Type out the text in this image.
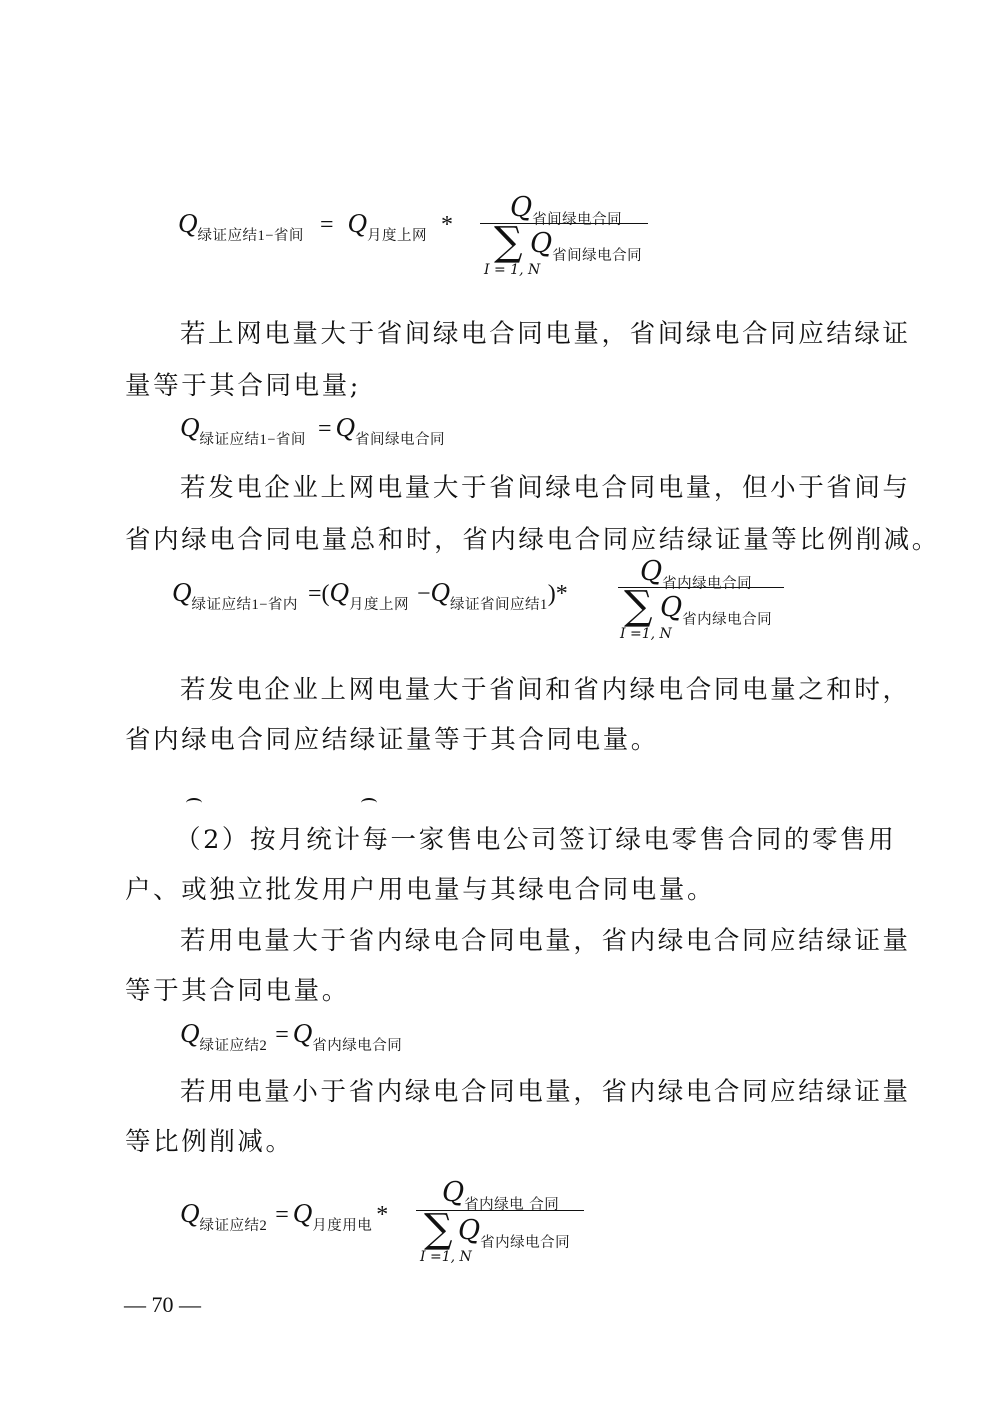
Q绿证应结1−省间 = Q月度上网 *
Q省间绿电合同
∑ Q省间绿电合同
I = 1, N
若上网电量大于省间绿电合同电量，省间绿电合同应结绿证
量等于其合同电量;
Q绿证应结1−省间 = Q省间绿电合同
若发电企业上网电量大于省间绿电合同电量，但小于省间与
省内绿电合同电量总和时，省内绿电合同应结绿证量等比例削减。
Q绿证应结1−省内 =(Q月度上网 −Q绿证省间应结1)*
Q省内绿电合同
∑ Q省内绿电合同
I =1, N
若发电企业上网电量大于省间和省内绿电合同电量之和时，
省内绿电合同应结绿证量等于其合同电量。
（2）按月统计每一家售电公司签订绿电零售合同的零售用
户、或独立批发用户用电量与其绿电合同电量。
若用电量大于省内绿电合同电量，省内绿电合同应结绿证量
等于其合同电量。
Q绿证应结2 = Q省内绿电合同
若用电量小于省内绿电合同电量，省内绿电合同应结绿证量
等比例削减。
Q绿证应结2 = Q月度用电 *
Q省内绿电 合同
∑ Q省内绿电合同
I =1, N
— 70 —
